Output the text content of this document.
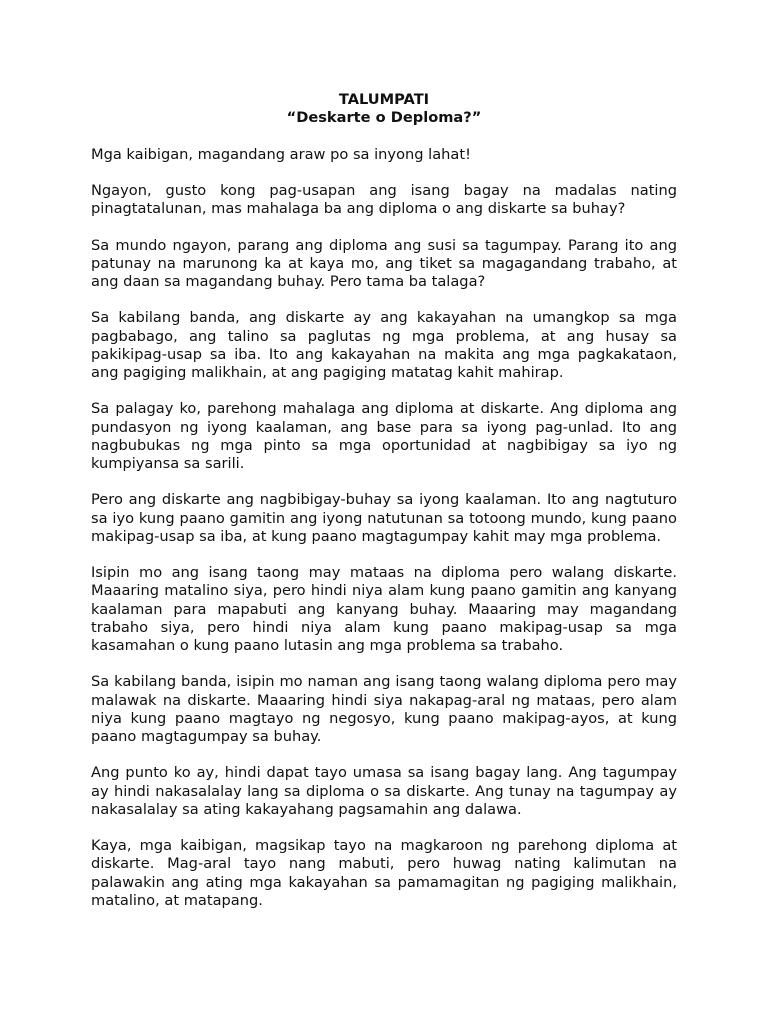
TALUMPATI
“Deskarte o Deploma?”

Mga kaibigan, magandang araw po sa inyong lahat!

Ngayon, gusto kong pag-usapan ang isang bagay na madalas nating pinagtatalunan, mas mahalaga ba ang diploma o ang diskarte sa buhay?

Sa mundo ngayon, parang ang diploma ang susi sa tagumpay. Parang ito ang patunay na marunong ka at kaya mo, ang tiket sa magagandang trabaho, at ang daan sa magandang buhay. Pero tama ba talaga?

Sa kabilang banda, ang diskarte ay ang kakayahan na umangkop sa mga pagbabago, ang talino sa paglutas ng mga problema, at ang husay sa pakikipag-usap sa iba. Ito ang kakayahan na makita ang mga pagkakataon, ang pagiging malikhain, at ang pagiging matatag kahit mahirap.

Sa palagay ko, parehong mahalaga ang diploma at diskarte. Ang diploma ang pundasyon ng iyong kaalaman, ang base para sa iyong pag-unlad. Ito ang nagbubukas ng mga pinto sa mga oportunidad at nagbibigay sa iyo ng kumpiyansa sa sarili.

Pero ang diskarte ang nagbibigay-buhay sa iyong kaalaman. Ito ang nagtuturo sa iyo kung paano gamitin ang iyong natutunan sa totoong mundo, kung paano makipag-usap sa iba, at kung paano magtagumpay kahit may mga problema.

Isipin mo ang isang taong may mataas na diploma pero walang diskarte. Maaaring matalino siya, pero hindi niya alam kung paano gamitin ang kanyang kaalaman para mapabuti ang kanyang buhay. Maaaring may magandang trabaho siya, pero hindi niya alam kung paano makipag-usap sa mga kasamahan o kung paano lutasin ang mga problema sa trabaho.

Sa kabilang banda, isipin mo naman ang isang taong walang diploma pero may malawak na diskarte. Maaaring hindi siya nakapag-aral ng mataas, pero alam niya kung paano magtayo ng negosyo, kung paano makipag-ayos, at kung paano magtagumpay sa buhay.

Ang punto ko ay, hindi dapat tayo umasa sa isang bagay lang. Ang tagumpay ay hindi nakasalalay lang sa diploma o sa diskarte. Ang tunay na tagumpay ay nakasalalay sa ating kakayahang pagsamahin ang dalawa.

Kaya, mga kaibigan, magsikap tayo na magkaroon ng parehong diploma at diskarte. Mag-aral tayo nang mabuti, pero huwag nating kalimutan na palawakin ang ating mga kakayahan sa pamamagitan ng pagiging malikhain, matalino, at matapang.
